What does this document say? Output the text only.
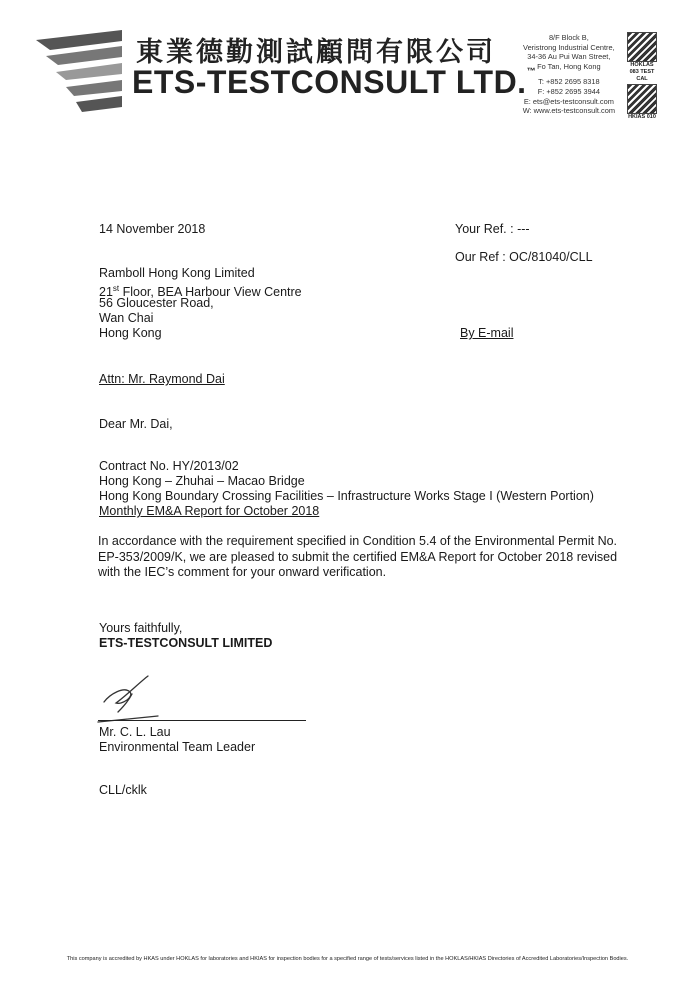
東業德勤測試顧問有限公司
ETS-TESTCONSULT LTD.™
8/F Block B,
Veristrong Industrial Centre,
34-36 Au Pui Wan Street,
Fo Tan, Hong Kong
T: +852 2695 8318
F: +852 2695 3944
E: ets@ets-testconsult.com
W: www.ets-testconsult.com
HOKLAS 083 TEST CAL
HKIAS 010
14 November 2018	Your Ref. : ---
Our Ref : OC/81040/CLL
Ramboll Hong Kong Limited
21st Floor, BEA Harbour View Centre
56 Gloucester Road,
Wan Chai
Hong Kong	By E-mail
Attn: Mr. Raymond Dai
Dear Mr. Dai,
Contract No. HY/2013/02
Hong Kong – Zhuhai – Macao Bridge
Hong Kong Boundary Crossing Facilities – Infrastructure Works Stage I (Western Portion)
Monthly EM&A Report for October 2018
In accordance with the requirement specified in Condition 5.4 of the Environmental Permit No. EP-353/2009/K, we are pleased to submit the certified EM&A Report for October 2018 revised with the IEC’s comment for your onward verification.
Yours faithfully,
ETS-TESTCONSULT LIMITED
Mr. C. L. Lau
Environmental Team Leader
CLL/cklk
This company is accredited by HKAS under HOKLAS for laboratories and HKIAS for inspection bodies for a specified range of tests/services listed in the HOKLAS/HKIAS Directories of Accredited Laboratories/Inspection Bodies.
